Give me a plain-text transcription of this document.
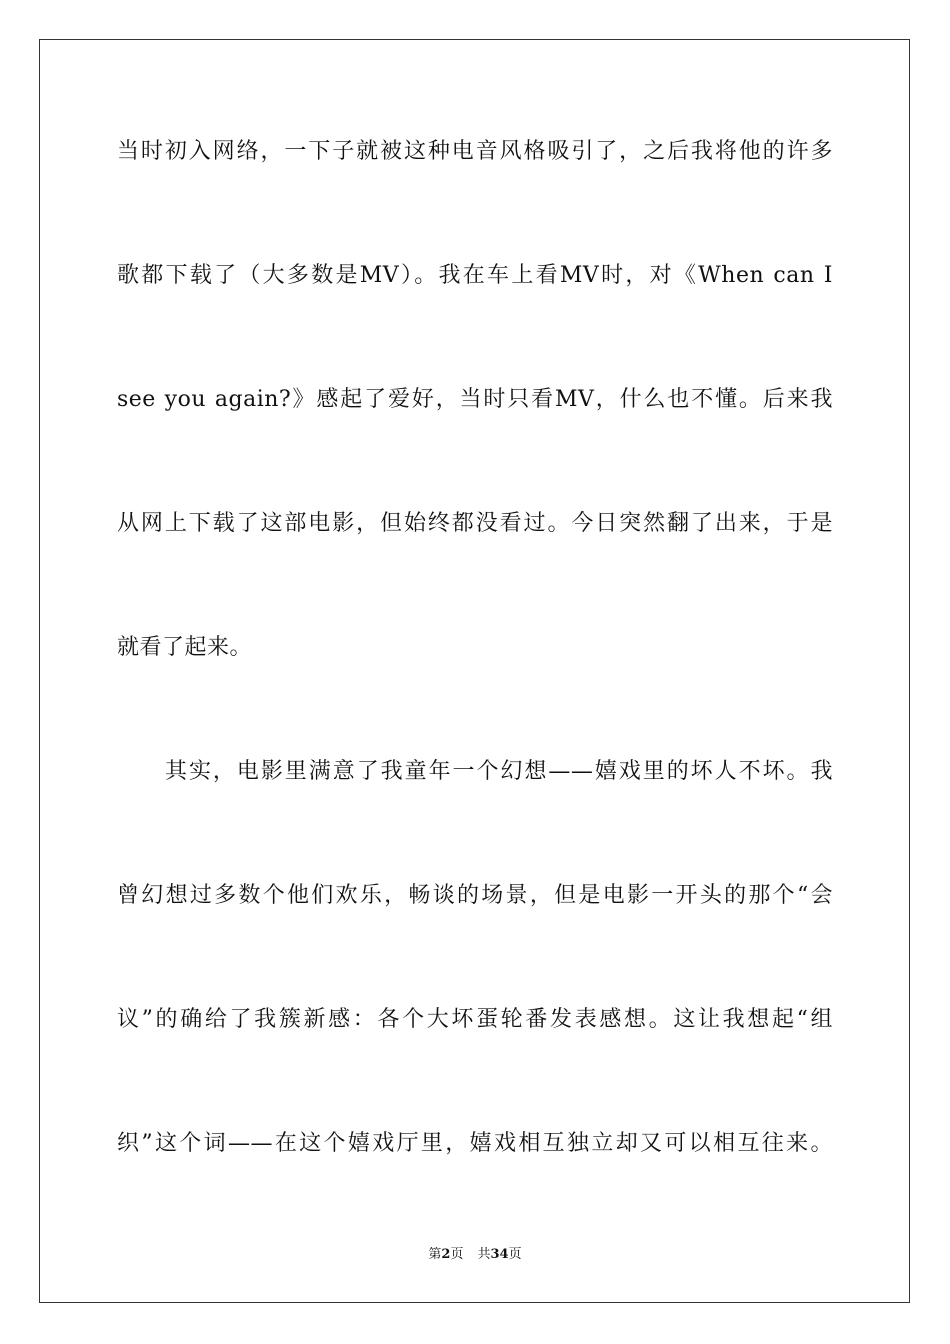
当时初入网络，一下子就被这种电音风格吸引了，之后我将他的许多
歌都下载了（大多数是MV）。我在车上看MV时，对《When can I
see you again?》感起了爱好，当时只看MV，什么也不懂。后来我
从网上下载了这部电影，但始终都没看过。今日突然翻了出来，于是
就看了起来。
其实，电影里满意了我童年一个幻想——嬉戏里的坏人不坏。我
曾幻想过多数个他们欢乐，畅谈的场景，但是电影一开头的那个“会
议”的确给了我簇新感：各个大坏蛋轮番发表感想。这让我想起“组
织”这个词——在这个嬉戏厅里，嬉戏相互独立却又可以相互往来。
第2页 共34页
